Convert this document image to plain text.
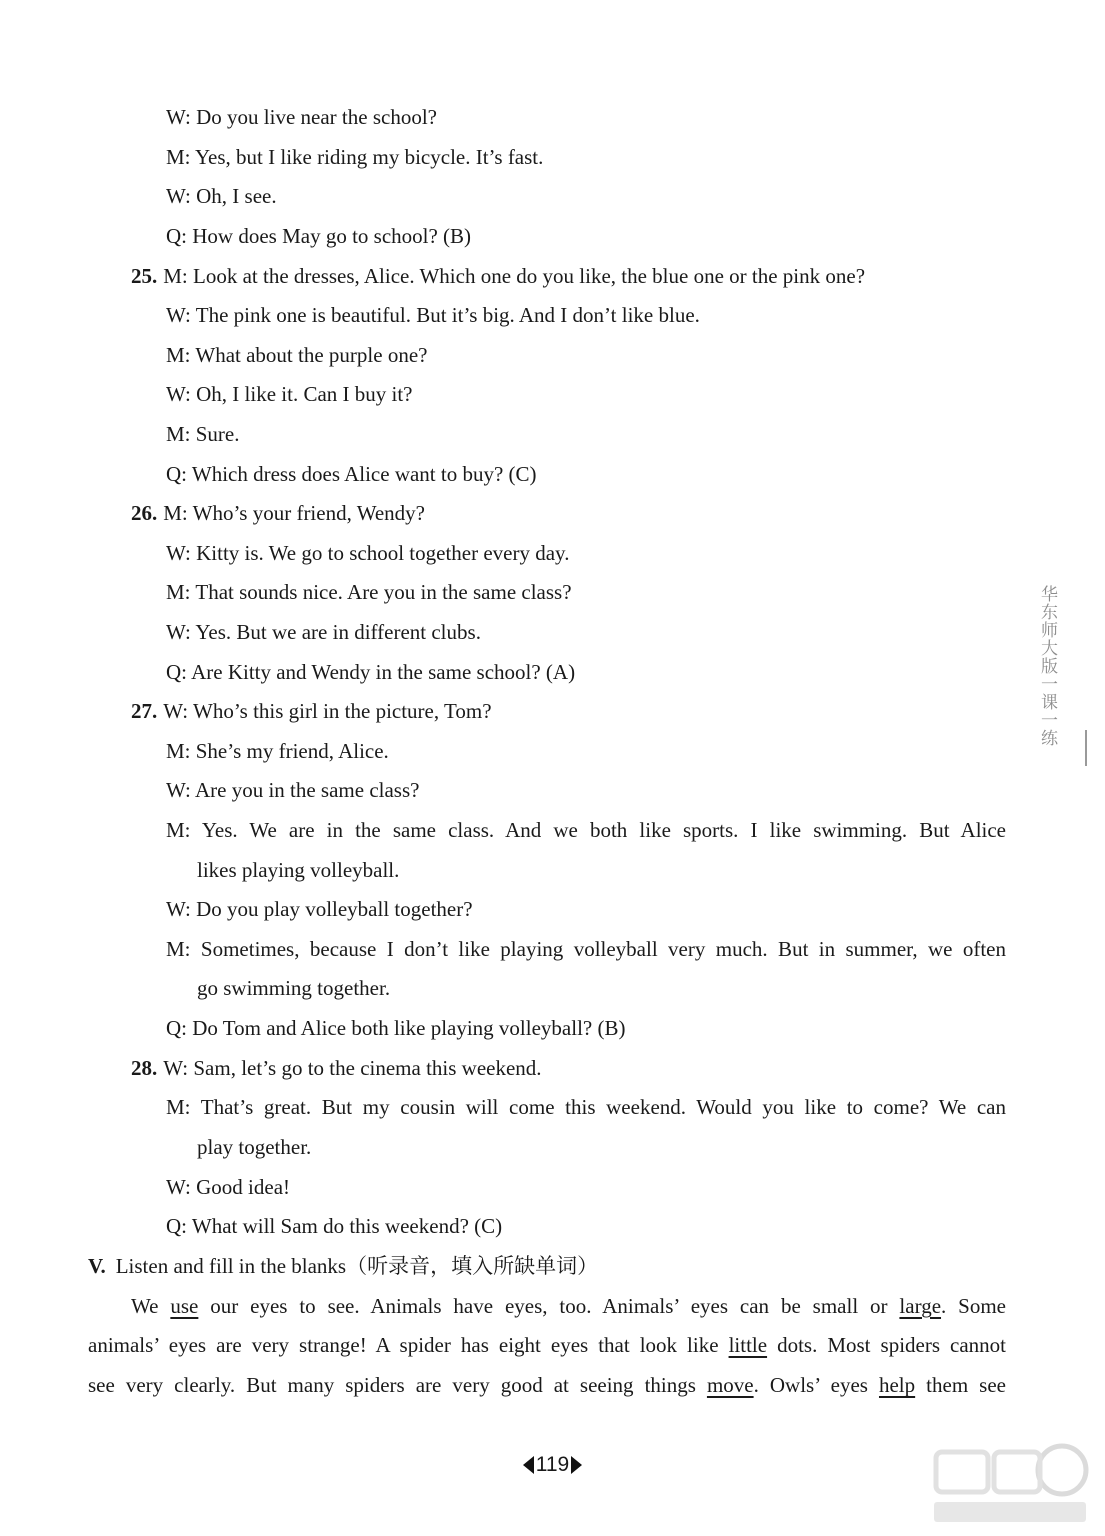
W: Do you live near the school?
M: Yes, but I like riding my bicycle. It’s fast.
W: Oh, I see.
Q: How does May go to school? (B)
25. M: Look at the dresses, Alice. Which one do you like, the blue one or the pink one?
W: The pink one is beautiful. But it’s big. And I don’t like blue.
M: What about the purple one?
W: Oh, I like it. Can I buy it?
M: Sure.
Q: Which dress does Alice want to buy? (C)
26. M: Who’s your friend, Wendy?
W: Kitty is. We go to school together every day.
M: That sounds nice. Are you in the same class?
W: Yes. But we are in different clubs.
Q: Are Kitty and Wendy in the same school? (A)
27. W: Who’s this girl in the picture, Tom?
M: She’s my friend, Alice.
W: Are you in the same class?
M: Yes. We are in the same class. And we both like sports. I like swimming. But Alice
likes playing volleyball.
W: Do you play volleyball together?
M: Sometimes, because I don’t like playing volleyball very much. But in summer, we often
go swimming together.
Q: Do Tom and Alice both like playing volleyball? (B)
28. W: Sam, let’s go to the cinema this weekend.
M: That’s great. But my cousin will come this weekend. Would you like to come? We can
play together.
W: Good idea!
Q: What will Sam do this weekend? (C)
V. Listen and fill in the blanks（听录音，填入所缺单词）
We use our eyes to see. Animals have eyes, too. Animals’ eyes can be small or large. Some
animals’ eyes are very strange! A spider has eight eyes that look like little dots. Most spiders cannot
see very clearly. But many spiders are very good at seeing things move. Owls’ eyes help them see
华东师大版一课一练
119
